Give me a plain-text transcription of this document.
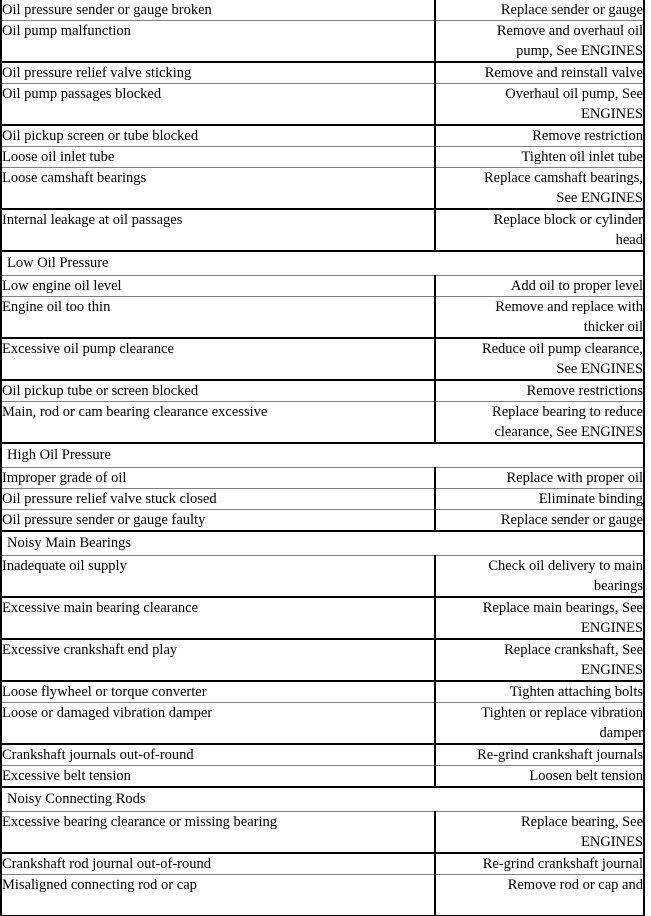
Oil pressure sender or gauge broken	Replace sender or gauge

Oil pump malfunction	Remove and overhaul oil
pump, See ENGINES

Oil pressure relief valve sticking	Remove and reinstall valve

Oil pump passages blocked	Overhaul oil pump, See
ENGINES

Oil pickup screen or tube blocked	Remove restriction

Loose oil inlet tube	Tighten oil inlet tube

Loose camshaft bearings	Replace camshaft bearings,
See ENGINES

Internal leakage at oil passages	Replace block or cylinder
head

Low Oil Pressure	
Low engine oil level	Add oil to proper level

Engine oil too thin	Remove and replace with
thicker oil

Excessive oil pump clearance	Reduce oil pump clearance,
See ENGINES

Oil pickup tube or screen blocked	Remove restrictions

Main, rod or cam bearing clearance excessive	Replace bearing to reduce
clearance, See ENGINES

High Oil Pressure	
Improper grade of oil	Replace with proper oil

Oil pressure relief valve stuck closed	Eliminate binding

Oil pressure sender or gauge faulty	Replace sender or gauge

Noisy Main Bearings	
Inadequate oil supply	Check oil delivery to main
bearings

Excessive main bearing clearance	Replace main bearings, See
ENGINES

Excessive crankshaft end play	Replace crankshaft, See
ENGINES

Loose flywheel or torque converter	Tighten attaching bolts

Loose or damaged vibration damper	Tighten or replace vibration
damper

Crankshaft journals out-of-round	Re-grind crankshaft journals

Excessive belt tension	Loosen belt tension

Noisy Connecting Rods	
Excessive bearing clearance or missing bearing	Replace bearing, See
ENGINES

Crankshaft rod journal out-of-round	Re-grind crankshaft journal

Misaligned connecting rod or cap	Remove rod or cap and
